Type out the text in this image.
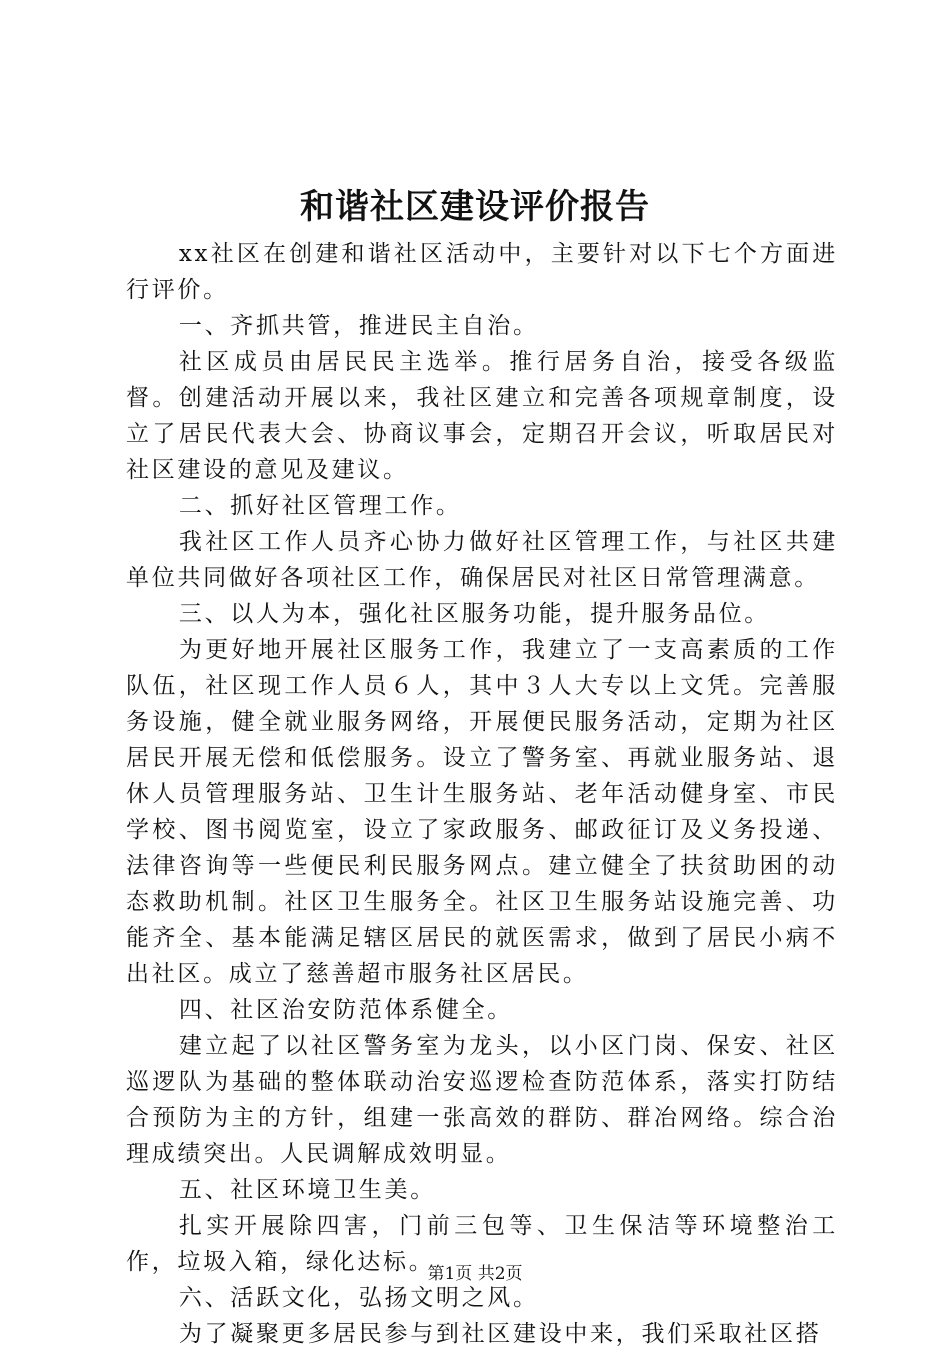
和谐社区建设评价报告

xx社区在创建和谐社区活动中，主要针对以下七个方面进行评价。

一、齐抓共管，推进民主自治。

社区成员由居民民主选举。推行居务自治，接受各级监督。创建活动开展以来，我社区建立和完善各项规章制度，设立了居民代表大会、协商议事会，定期召开会议，听取居民对社区建设的意见及建议。

二、抓好社区管理工作。

我社区工作人员齐心协力做好社区管理工作，与社区共建单位共同做好各项社区工作，确保居民对社区日常管理满意。

三、以人为本，强化社区服务功能，提升服务品位。

为更好地开展社区服务工作，我建立了一支高素质的工作队伍，社区现工作人员６人，其中３人大专以上文凭。完善服务设施，健全就业服务网络，开展便民服务活动，定期为社区居民开展无偿和低偿服务。设立了警务室、再就业服务站、退休人员管理服务站、卫生计生服务站、老年活动健身室、市民学校、图书阅览室，设立了家政服务、邮政征订及义务投递、法律咨询等一些便民利民服务网点。建立健全了扶贫助困的动态救助机制。社区卫生服务全。社区卫生服务站设施完善、功能齐全、基本能满足辖区居民的就医需求，做到了居民小病不出社区。成立了慈善超市服务社区居民。

四、社区治安防范体系健全。

建立起了以社区警务室为龙头，以小区门岗、保安、社区巡逻队为基础的整体联动治安巡逻检查防范体系，落实打防结合预防为主的方针，组建一张高效的群防、群冶网络。综合治理成绩突出。人民调解成效明显。

五、社区环境卫生美。

扎实开展除四害，门前三包等、卫生保洁等环境整治工作，垃圾入箱，绿化达标。

六、活跃文化，弘扬文明之风。

为了凝聚更多居民参与到社区建设中来，我们采取社区搭

第1页 共2页
